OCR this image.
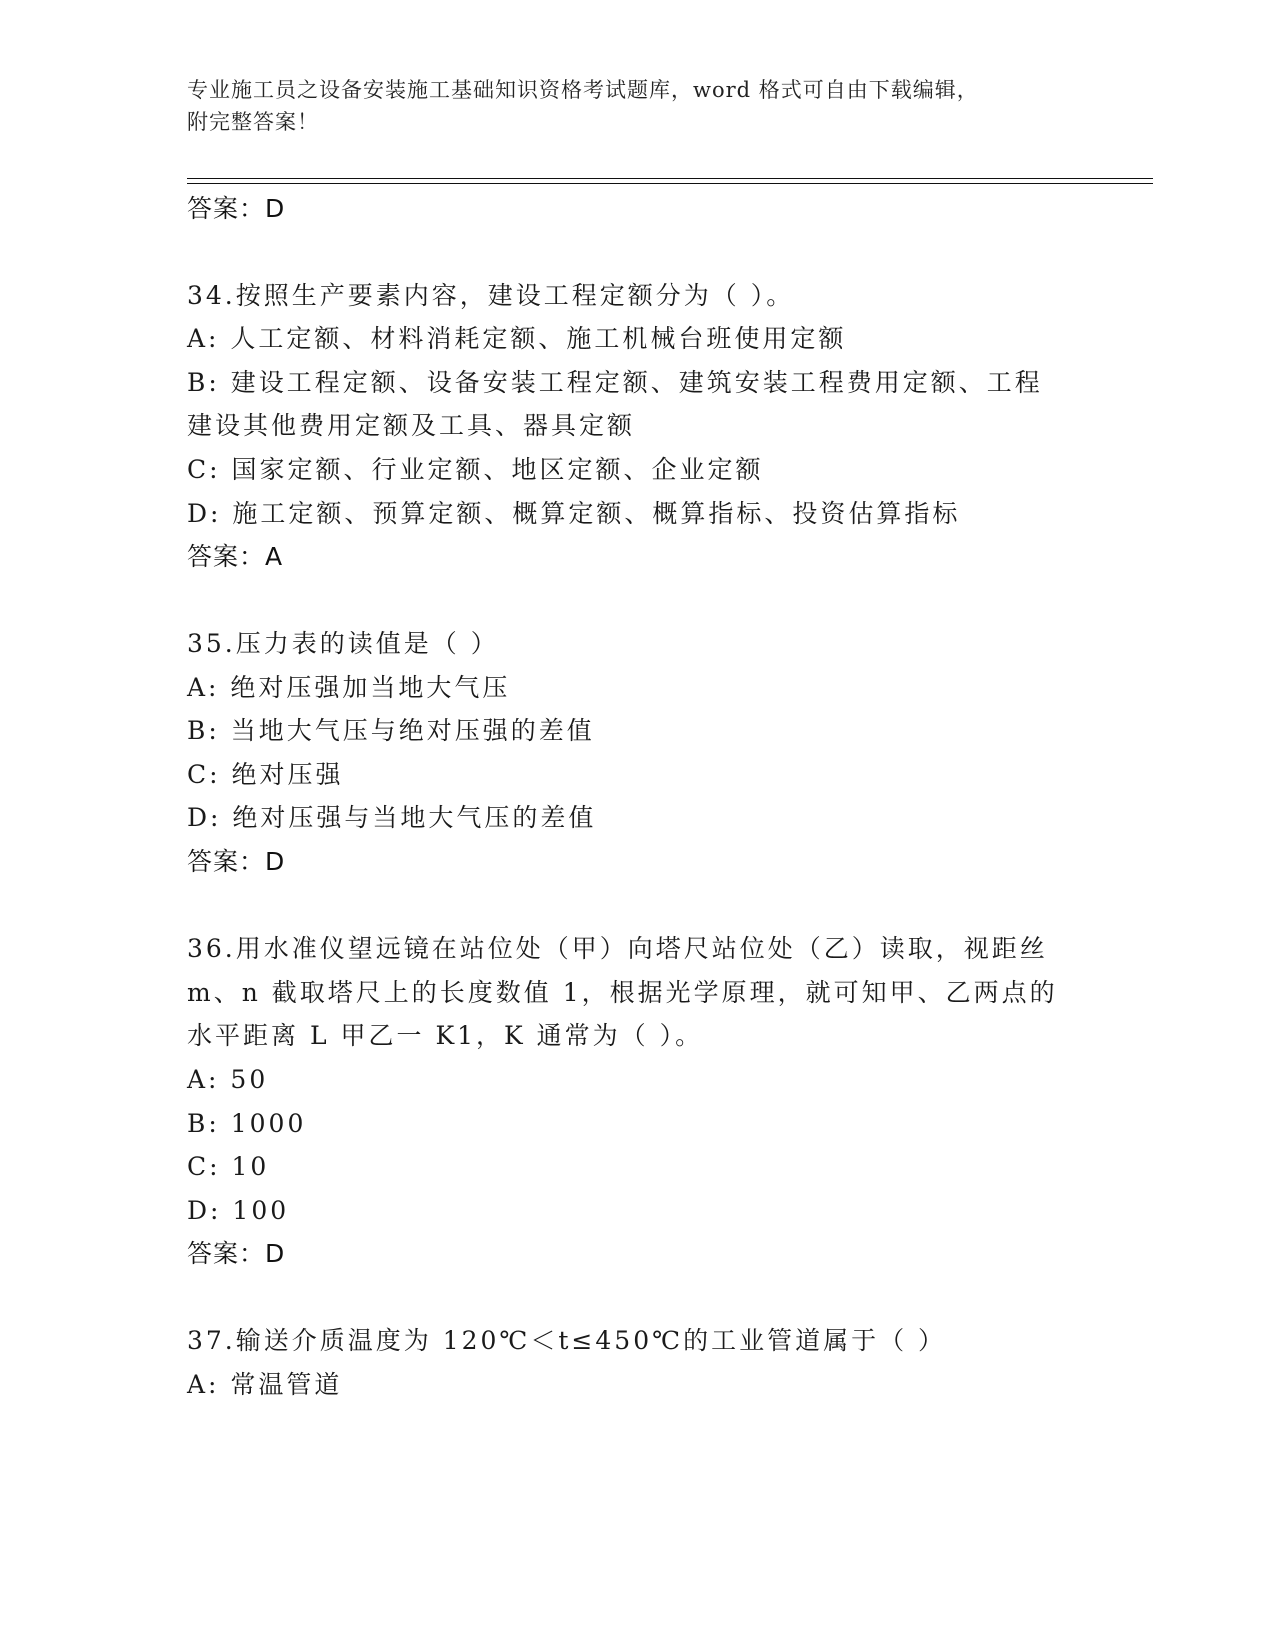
专业施工员之设备安装施工基础知识资格考试题库，word 格式可自由下载编辑，
附完整答案！
答案：D
34.按照生产要素内容，建设工程定额分为（ ）。
A: 人工定额、材料消耗定额、施工机械台班使用定额
B: 建设工程定额、设备安装工程定额、建筑安装工程费用定额、工程
建设其他费用定额及工具、器具定额
C: 国家定额、行业定额、地区定额、企业定额
D: 施工定额、预算定额、概算定额、概算指标、投资估算指标
答案：A
35.压力表的读值是（ ）
A: 绝对压强加当地大气压
B: 当地大气压与绝对压强的差值
C: 绝对压强
D: 绝对压强与当地大气压的差值
答案：D
36.用水准仪望远镜在站位处（甲）向塔尺站位处（乙）读取，视距丝
m、n 截取塔尺上的长度数值 1，根据光学原理，就可知甲、乙两点的
水平距离 L 甲乙一 K1，K 通常为（ ）。
A: 50
B: 1000
C: 10
D: 100
答案：D
37.输送介质温度为 120℃＜t≤450℃的工业管道属于（ ）
A: 常温管道
